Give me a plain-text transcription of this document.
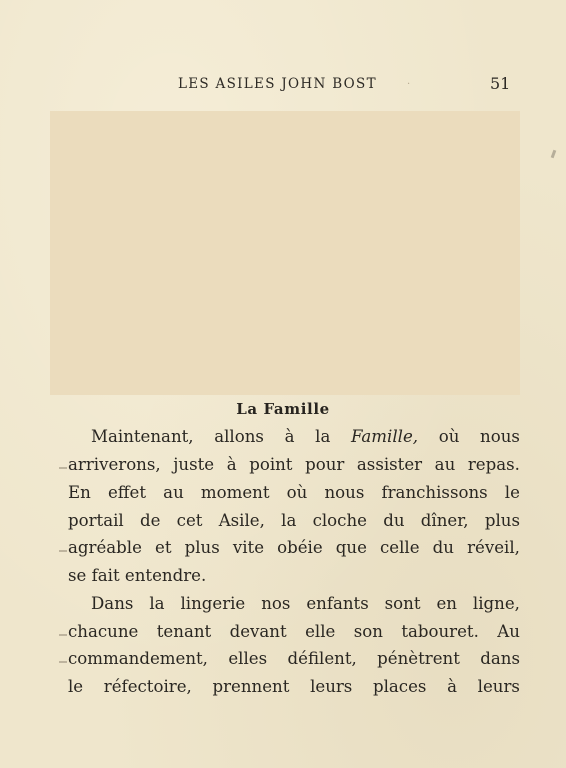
LES ASILES JOHN BOST	·	51
La Famille
Maintenant, allons à la Famille, où nous
arriverons, juste à point pour assister au repas.
En effet au moment où nous franchissons le
portail de cet Asile, la cloche du dîner, plus
agréable et plus vite obéie que celle du réveil,
se fait entendre.
Dans la lingerie nos enfants sont en ligne,
chacune tenant devant elle son tabouret. Au
commandement, elles défilent, pénètrent dans
le réfectoire, prennent leurs places à leurs
